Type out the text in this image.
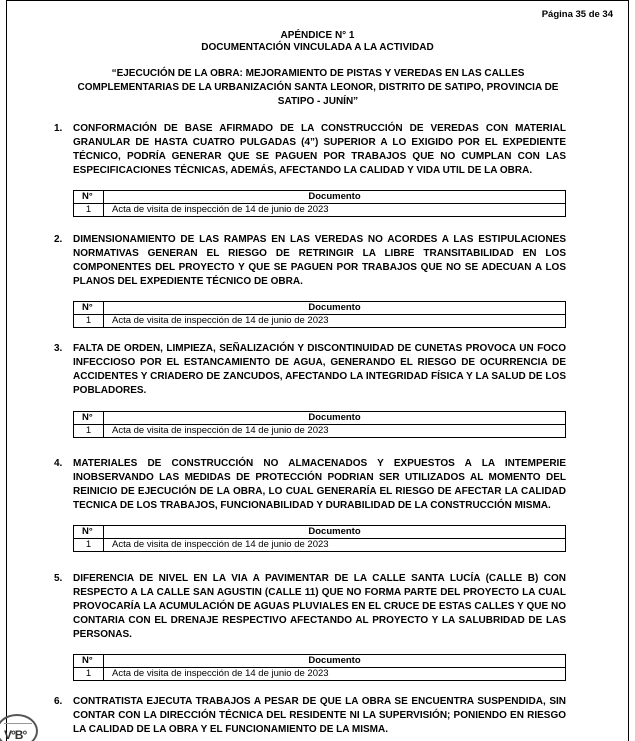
Página 35 de 34
APÉNDICE N° 1
DOCUMENTACIÓN VINCULADA A LA ACTIVIDAD
“EJECUCIÓN DE LA OBRA: MEJORAMIENTO DE PISTAS Y VEREDAS EN LAS CALLES
COMPLEMENTARIAS DE LA URBANIZACIÓN SANTA LEONOR, DISTRITO DE SATIPO, PROVINCIA DE
SATIPO - JUNÍN”
1. CONFORMACIÓN DE BASE AFIRMADO DE LA CONSTRUCCIÓN DE VEREDAS CON MATERIAL GRANULAR DE HASTA CUATRO PULGADAS (4”) SUPERIOR A LO EXIGIDO POR EL EXPEDIENTE TÉCNICO, PODRÍA GENERAR QUE SE PAGUEN POR TRABAJOS QUE NO CUMPLAN CON LAS ESPECIFICACIONES TÉCNICAS, ADEMÁS, AFECTANDO LA CALIDAD Y VIDA UTIL DE LA OBRA.
N°	Documento
1	Acta de visita de inspección de 14 de junio de 2023
2. DIMENSIONAMIENTO DE LAS RAMPAS EN LAS VEREDAS NO ACORDES A LAS ESTIPULACIONES NORMATIVAS GENERAN EL RIESGO DE RETRINGIR LA LIBRE TRANSITABILIDAD EN LOS COMPONENTES DEL PROYECTO Y QUE SE PAGUEN POR TRABAJOS QUE NO SE ADECUAN A LOS PLANOS DEL EXPEDIENTE TÉCNICO DE OBRA.
N°	Documento
1	Acta de visita de inspección de 14 de junio de 2023
3. FALTA DE ORDEN, LIMPIEZA, SEÑALIZACIÓN Y DISCONTINUIDAD DE CUNETAS PROVOCA UN FOCO INFECCIOSO POR EL ESTANCAMIENTO DE AGUA, GENERANDO EL RIESGO DE OCURRENCIA DE ACCIDENTES Y CRIADERO DE ZANCUDOS, AFECTANDO LA INTEGRIDAD FÍSICA Y LA SALUD DE LOS POBLADORES.
N°	Documento
1	Acta de visita de inspección de 14 de junio de 2023
4. MATERIALES DE CONSTRUCCIÓN NO ALMACENADOS Y EXPUESTOS A LA INTEMPERIE INOBSERVANDO LAS MEDIDAS DE PROTECCIÓN PODRIAN SER UTILIZADOS AL MOMENTO DEL REINICIO DE EJECUCIÓN DE LA OBRA, LO CUAL GENERARÍA EL RIESGO DE AFECTAR LA CALIDAD TECNICA DE LOS TRABAJOS, FUNCIONABILIDAD Y DURABILIDAD DE LA CONSTRUCCIÓN MISMA.
N°	Documento
1	Acta de visita de inspección de 14 de junio de 2023
5. DIFERENCIA DE NIVEL EN LA VIA A PAVIMENTAR DE LA CALLE SANTA LUCÍA (CALLE B) CON RESPECTO A LA CALLE SAN AGUSTIN (CALLE 11) QUE NO FORMA PARTE DEL PROYECTO LA CUAL PROVOCARÍA LA ACUMULACIÓN DE AGUAS PLUVIALES EN EL CRUCE DE ESTAS CALLES Y QUE NO CONTARIA CON EL DRENAJE RESPECTIVO AFECTANDO AL PROYECTO Y LA SALUBRIDAD DE LAS PERSONAS.
N°	Documento
1	Acta de visita de inspección de 14 de junio de 2023
6. CONTRATISTA EJECUTA TRABAJOS A PESAR DE QUE LA OBRA SE ENCUENTRA SUSPENDIDA, SIN CONTAR CON LA DIRECCIÓN TÉCNICA DEL RESIDENTE NI LA SUPERVISIÓN; PONIENDO EN RIESGO LA CALIDAD DE LA OBRA Y EL FUNCIONAMIENTO DE LA MISMA.
V°B°
